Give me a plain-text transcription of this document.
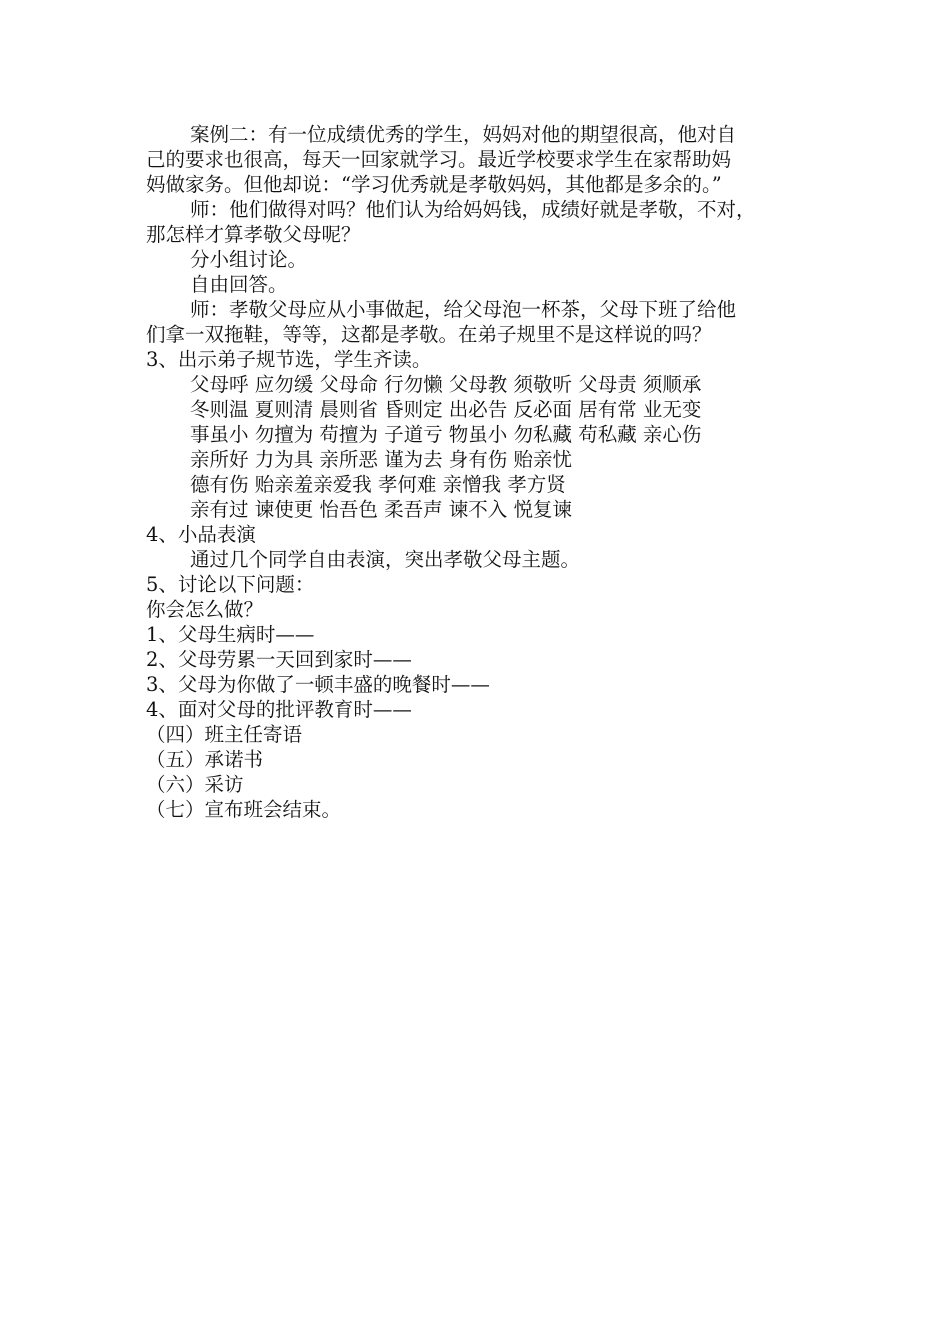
案例二：有一位成绩优秀的学生，妈妈对他的期望很高，他对自
己的要求也很高，每天一回家就学习。最近学校要求学生在家帮助妈
妈做家务。但他却说：“学习优秀就是孝敬妈妈，其他都是多余的。”
师：他们做得对吗？他们认为给妈妈钱，成绩好就是孝敬，不对，
那怎样才算孝敬父母呢？
分小组讨论。
自由回答。
师：孝敬父母应从小事做起，给父母泡一杯茶，父母下班了给他
们拿一双拖鞋，等等，这都是孝敬。在弟子规里不是这样说的吗？
3、出示弟子规节选，学生齐读。
父母呼 应勿缓 父母命 行勿懒 父母教 须敬听 父母责 须顺承
冬则温 夏则清 晨则省 昏则定 出必告 反必面 居有常 业无变
事虽小 勿擅为 苟擅为 子道亏 物虽小 勿私藏 苟私藏 亲心伤
亲所好 力为具 亲所恶 谨为去 身有伤 贻亲忧
德有伤 贻亲羞亲爱我 孝何难 亲憎我 孝方贤
亲有过 谏使更 怡吾色 柔吾声 谏不入 悦复谏
4、小品表演
通过几个同学自由表演，突出孝敬父母主题。
5、讨论以下问题：
你会怎么做？
1、父母生病时——
2、父母劳累一天回到家时——
3、父母为你做了一顿丰盛的晚餐时——
4、面对父母的批评教育时——
（四）班主任寄语
（五）承诺书
（六）采访
（七）宣布班会结束。
